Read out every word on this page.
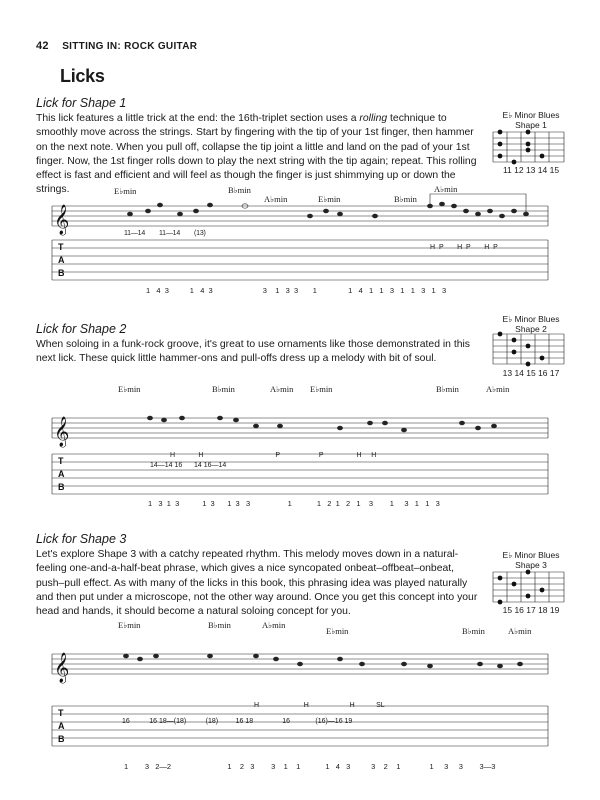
42 SITTING IN: ROCK GUITAR
Licks
Lick for Shape 1

This lick features a little trick at the end: the 16th-triplet section uses a rolling technique to smoothly move across the strings. Start by fingering with the tip of your 1st finger, then hammer on the next note. When you pull off, collapse the tip joint a little and land on the pad of your 1st finger. Now, the 1st finger rolls down to play the next string with the tip again; repeat. This rolling effect is fast and efficient and will feel as though the finger is just shimmying up or down the strings.

E♭ Minor Blues
Shape 1
11 12 13 14 15
E♭min	B♭min
A♭min	E♭min	B♭min
A♭min
11—14        11—14        (13)
H  P       H  P       H  P
1   4  3          1   4  3                        3    1   3  3       1               1   4   1   1   3   1   1   3   1   3
Lick for Shape 2

When soloing in a funk-rock groove, it's great to use ornaments like those demonstrated in this next lick. These quick little hammer-ons and pull-offs dress up a melody with bit of soul.

E♭ Minor Blues
Shape 2
13 14 15 16 17
E♭min	B♭min	A♭min E♭min	B♭min	A♭min
14—14 16      14 16—14
H            H                                     P                    P                 H     H
1   3  1  3           1  3      1  3   3                  1            1   2  1   2   1    3        1     3   1   1   3
Lick for Shape 3

Let's explore Shape 3 with a catchy repeated rhythm. This melody moves down in a natural-feeling one-and-a-half-beat phrase, which gives a nice syncopated onbeat–offbeat–onbeat, push–pull effect. As with many of the licks in this book, this phrasing idea was played naturally and then put under a microscope, not the other way around. Once you get this concept into your head and hands, it should become a natural soloing concept for you.

E♭ Minor Blues
Shape 3
15 16 17 18 19
E♭min	B♭min	A♭min
E♭min	B♭min	A♭min
16          16 18—(18)          (18)         16 18               16             (16)—16 19
H                       H                     H           SL
1        3   2—2                           1    2   3        3    1    1            1   4   3          3    2    1              1     3     3        3—3
T
A
B
T
A
B
T
A
B
𝄞
𝄞
𝄞
